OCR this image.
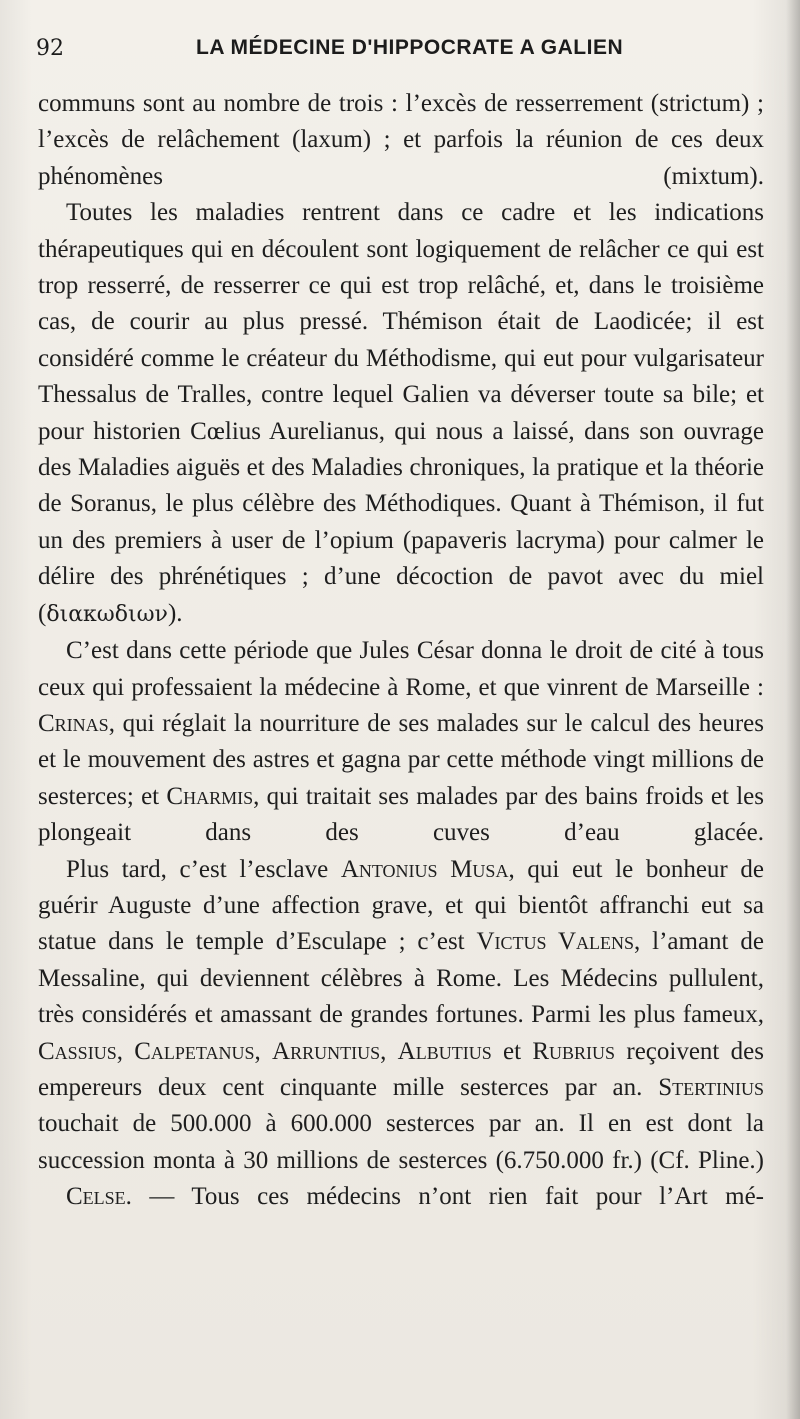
92	LA MÉDECINE D'HIPPOCRATE A GALIEN

communs sont au nombre de trois : l’excès de resserrement (strictum) ; l’excès de relâchement (laxum) ; et parfois la réunion de ces deux phénomènes (mixtum).

Toutes les maladies rentrent dans ce cadre et les indications thérapeutiques qui en découlent sont logiquement de relâcher ce qui est trop resserré, de resserrer ce qui est trop relâché, et, dans le troisième cas, de courir au plus pressé. Thémison était de Laodicée; il est considéré comme le créateur du Méthodisme, qui eut pour vulgarisateur Thessalus de Tralles, contre lequel Galien va déverser toute sa bile; et pour historien Cœlius Aurelianus, qui nous a laissé, dans son ouvrage des Maladies aiguës et des Maladies chroniques, la pratique et la théorie de Soranus, le plus célèbre des Méthodiques. Quant à Thémison, il fut un des premiers à user de l’opium (papaveris lacryma) pour calmer le délire des phrénétiques ; d’une décoction de pavot avec du miel (διακωδιων).

C’est dans cette période que Jules César donna le droit de cité à tous ceux qui professaient la médecine à Rome, et que vinrent de Marseille : Crinas, qui réglait la nourriture de ses malades sur le calcul des heures et le mouvement des astres et gagna par cette méthode vingt millions de sesterces; et Charmis, qui traitait ses malades par des bains froids et les plongeait dans des cuves d’eau glacée.

Plus tard, c’est l’esclave Antonius Musa, qui eut le bonheur de guérir Auguste d’une affection grave, et qui bientôt affranchi eut sa statue dans le temple d’Esculape ; c’est Victus Valens, l’amant de Messaline, qui deviennent célèbres à Rome. Les Médecins pullulent, très considérés et amassant de grandes fortunes. Parmi les plus fameux, Cassius, Calpetanus, Arruntius, Albutius et Rubrius reçoivent des empereurs deux cent cinquante mille sesterces par an. Stertinius touchait de 500.000 à 600.000 sesterces par an. Il en est dont la succession monta à 30 millions de sesterces (6.750.000 fr.) (Cf. Pline.)

Celse. — Tous ces médecins n’ont rien fait pour l’Art mé-
